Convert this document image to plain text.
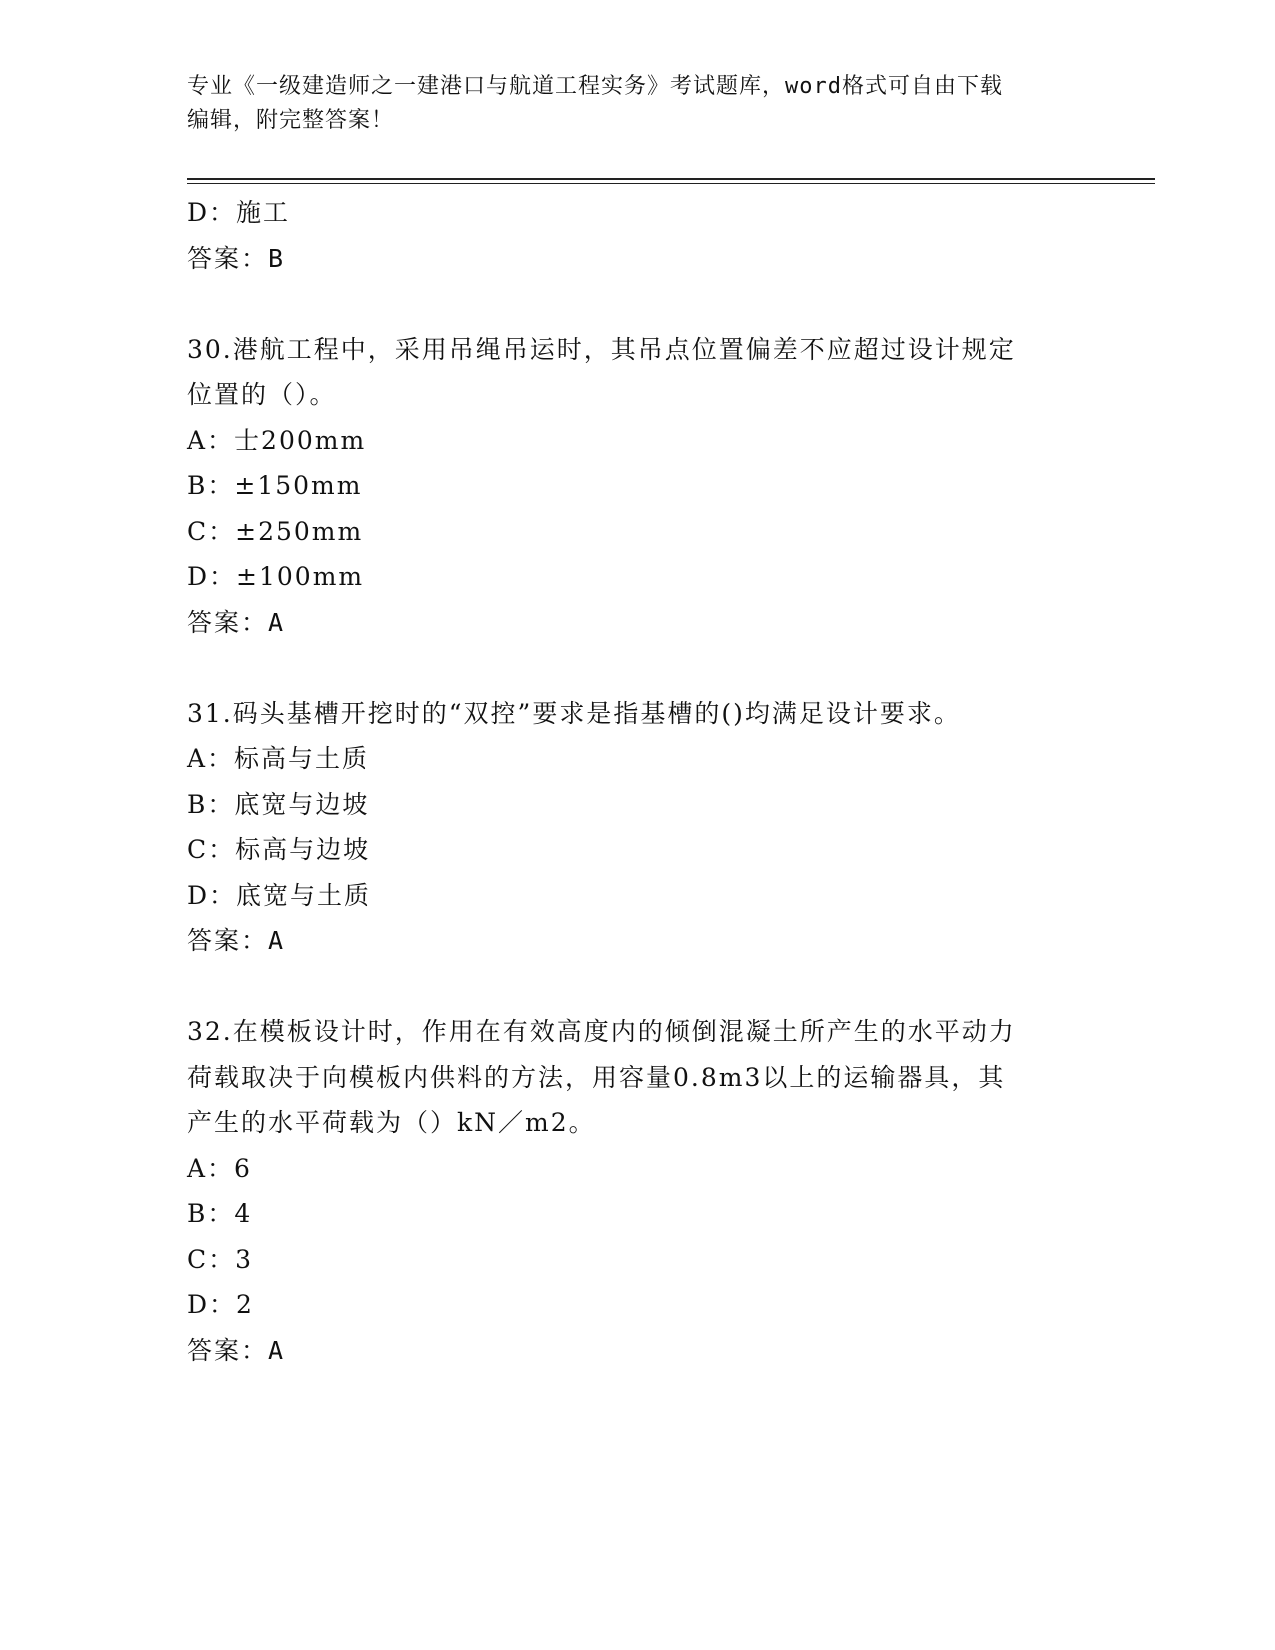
专业《一级建造师之一建港口与航道工程实务》考试题库，word格式可自由下载
编辑，附完整答案！
D：施工
答案：B
30.港航工程中，采用吊绳吊运时，其吊点位置偏差不应超过设计规定
位置的（）。
A：士200mm
B：±150mm
C：±250mm
D：±100mm
答案：A
31.码头基槽开挖时的“双控”要求是指基槽的()均满足设计要求。
A：标高与土质
B：底宽与边坡
C：标高与边坡
D：底宽与土质
答案：A
32.在模板设计时，作用在有效高度内的倾倒混凝土所产生的水平动力
荷载取决于向模板内供料的方法，用容量0.8m3以上的运输器具，其
产生的水平荷载为（）kN／m2。
A：6
B：4
C：3
D：2
答案：A
